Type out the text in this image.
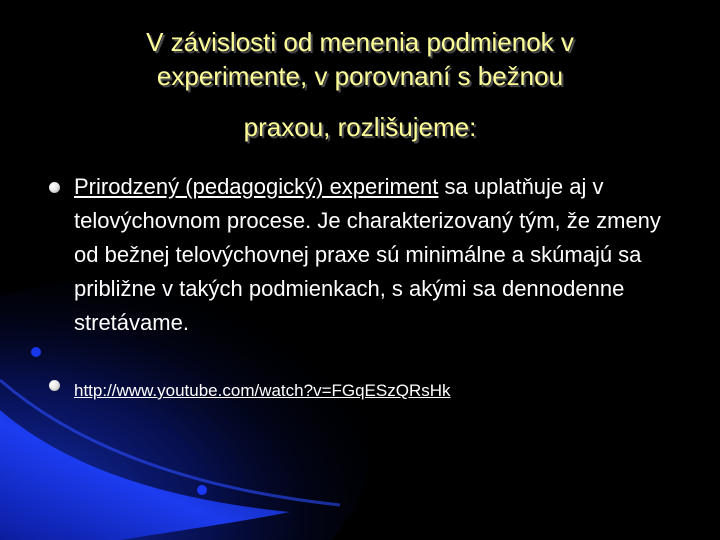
V závislosti od menenia podmienok v
experimente, v porovnaní s bežnou
praxou, rozlišujeme:
Prirodzený (pedagogický) experiment sa uplatňuje aj v telovýchovnom procese. Je charakterizovaný tým, že zmeny od bežnej telovýchovnej praxe sú minimálne a skúmajú sa približne v takých podmienkach, s akými sa dennodenne stretávame.
http://www.youtube.com/watch?v=FGqESzQRsHk
